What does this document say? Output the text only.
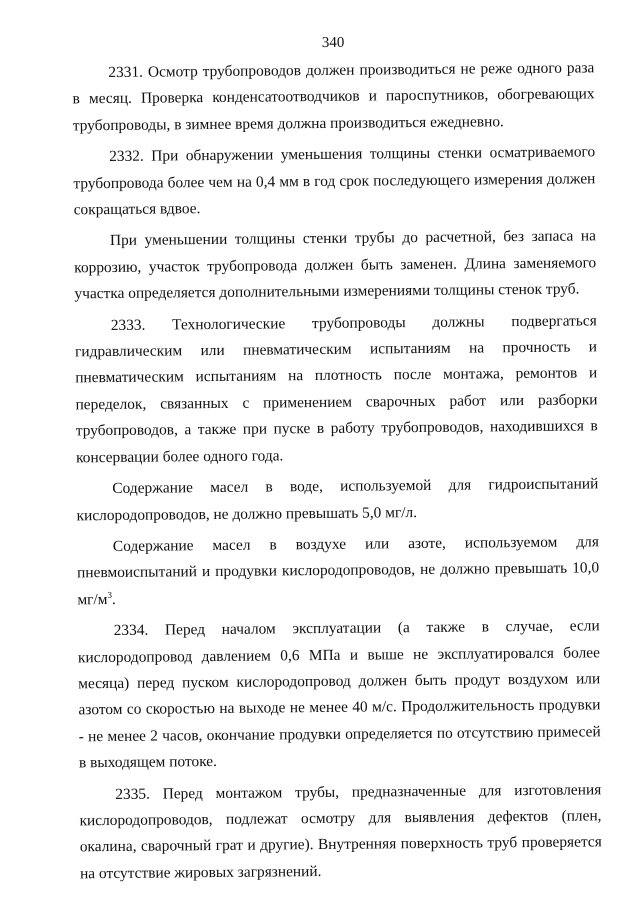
340

2331. Осмотр трубопроводов должен производиться не реже одного раза в месяц. Проверка конденсатоотводчиков и пароспутников, обогревающих трубопроводы, в зимнее время должна производиться ежедневно.

2332. При обнаружении уменьшения толщины стенки осматриваемого трубопровода более чем на 0,4 мм в год срок последующего измерения должен сокращаться вдвое.

При уменьшении толщины стенки трубы до расчетной, без запаса на коррозию, участок трубопровода должен быть заменен. Длина заменяемого участка определяется дополнительными измерениями толщины стенок труб.

2333. Технологические трубопроводы должны подвергаться гидравлическим или пневматическим испытаниям на прочность и пневматическим испытаниям на плотность после монтажа, ремонтов и переделок, связанных с применением сварочных работ или разборки трубопроводов, а также при пуске в работу трубопроводов, находившихся в консервации более одного года.

Содержание масел в воде, используемой для гидроиспытаний кислородопроводов, не должно превышать 5,0 мг/л.

Содержание масел в воздухе или азоте, используемом для пневмоиспытаний и продувки кислородопроводов, не должно превышать 10,0 $мг/м^3$.

2334. Перед началом эксплуатации (а также в случае, если кислородопровод давлением 0,6 МПа и выше не эксплуатировался более месяца) перед пуском кислородопровод должен быть продут воздухом или азотом со скоростью на выходе не менее 40 м/с. Продолжительность продувки - не менее 2 часов, окончание продувки определяется по отсутствию примесей в выходящем потоке.

2335. Перед монтажом трубы, предназначенные для изготовления кислородопроводов, подлежат осмотру для выявления дефектов (плен, окалина, сварочный грат и другие). Внутренняя поверхность труб проверяется на отсутствие жировых загрязнений.
